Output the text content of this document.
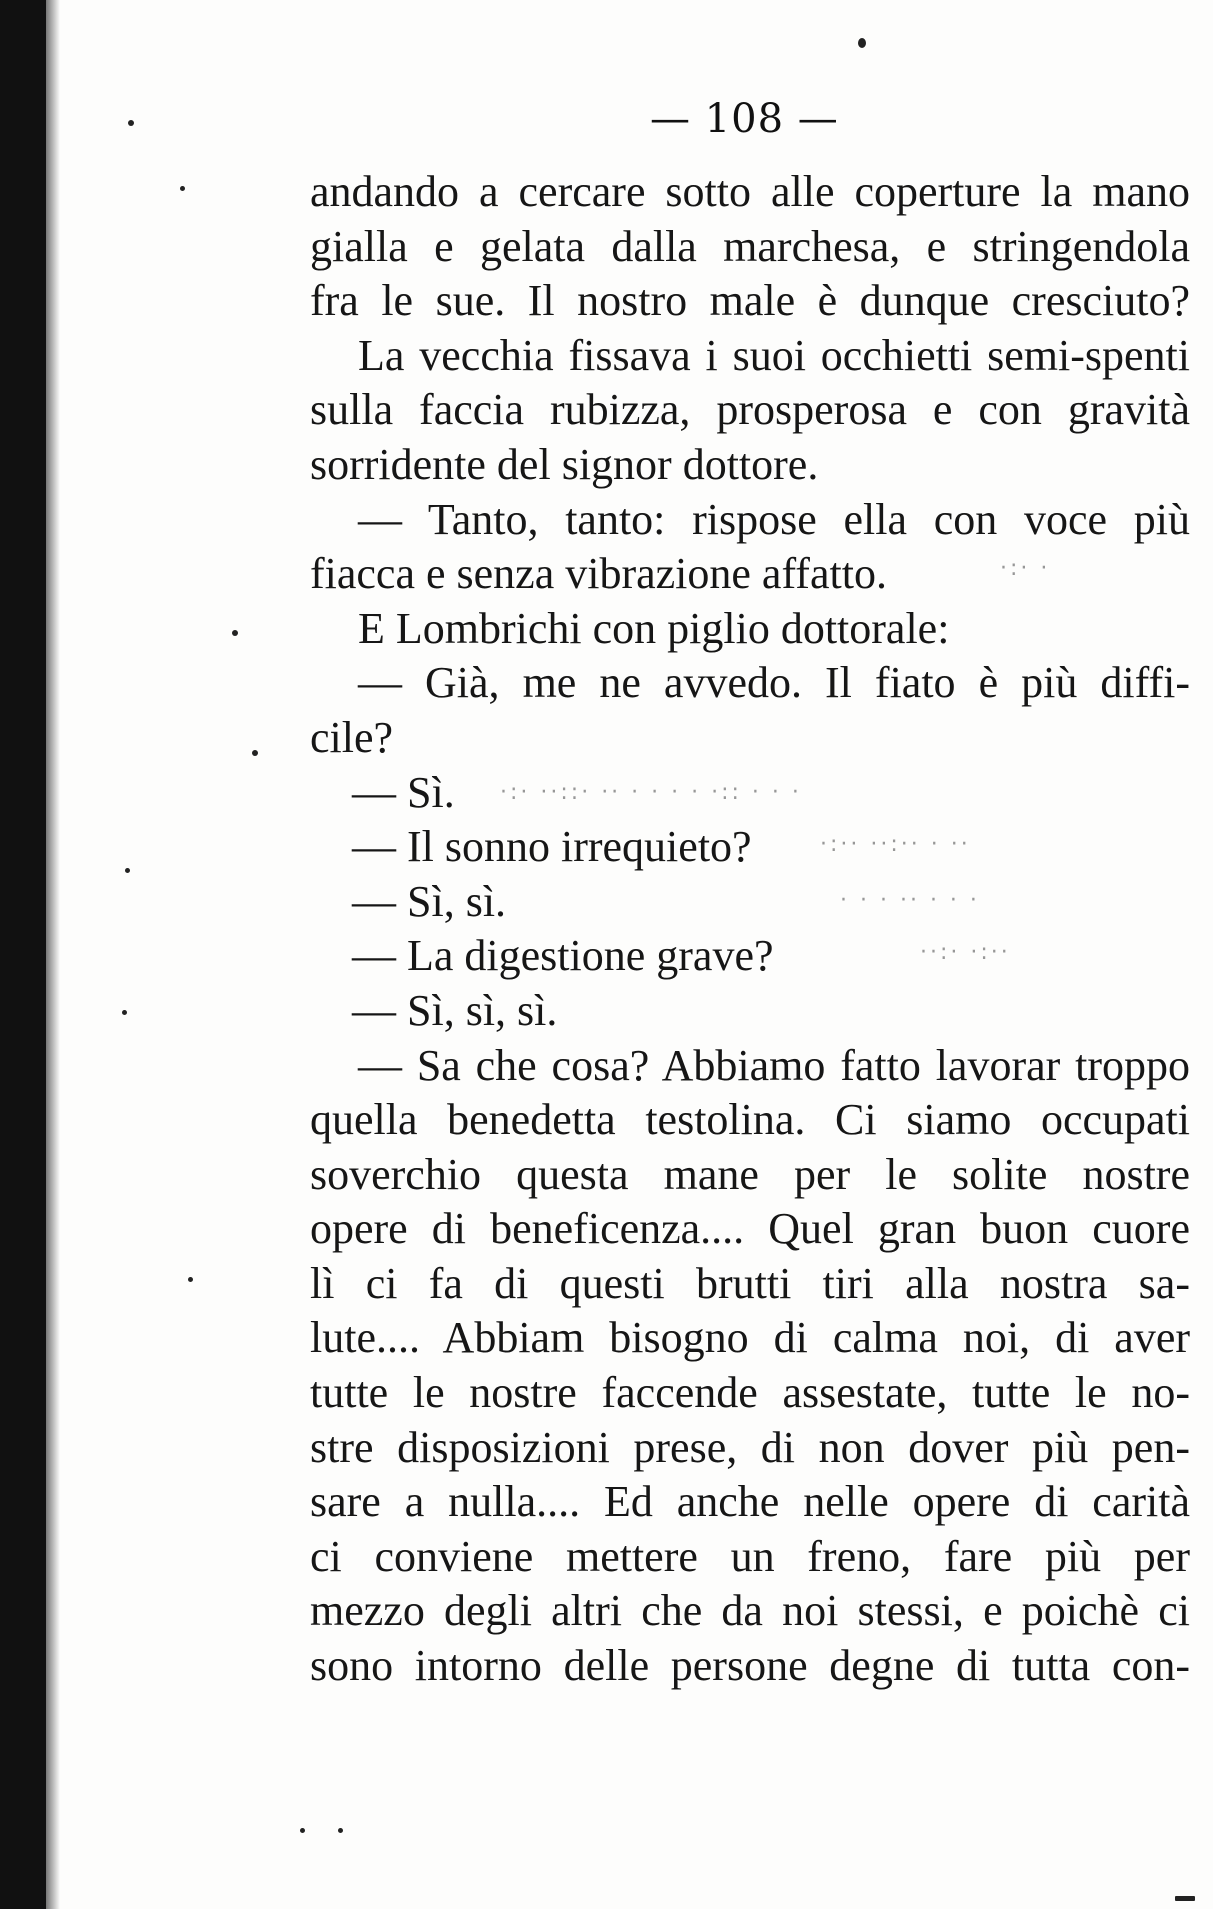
— 108 —
andando a cercare sotto alle coperture la mano
gialla e gelata dalla marchesa, e stringendola
fra le sue. Il nostro male è dunque cresciuto?
La vecchia fissava i suoi occhietti semi-spenti
sulla faccia rubizza, prosperosa e con gravità
sorridente del signor dottore.
— Tanto, tanto: rispose ella con voce più
fiacca e senza vibrazione affatto.
E Lombrichi con piglio dottorale:
— Già, me ne avvedo. Il fiato è più diffi-
cile?
— Sì.
— Il sonno irrequieto?
— Sì, sì.
— La digestione grave?
— Sì, sì, sì.
— Sa che cosa? Abbiamo fatto lavorar troppo
quella benedetta testolina. Ci siamo occupati
soverchio questa mane per le solite nostre
opere di beneficenza.... Quel gran buon cuore
lì ci fa di questi brutti tiri alla nostra sa-
lute.... Abbiam bisogno di calma noi, di aver
tutte le nostre faccende assestate, tutte le no-
stre disposizioni prese, di non dover più pen-
sare a nulla.... Ed anche nelle opere di carità
ci conviene mettere un freno, fare più per
mezzo degli altri che da noi stessi, e poichè ci
sono intorno delle persone degne di tutta con-
·:· ··::· ·· · · · · ·:: · · ·
·:·· ··:·· · ··
· · · ·· · · ·
··:· ·:··
·:· ·
